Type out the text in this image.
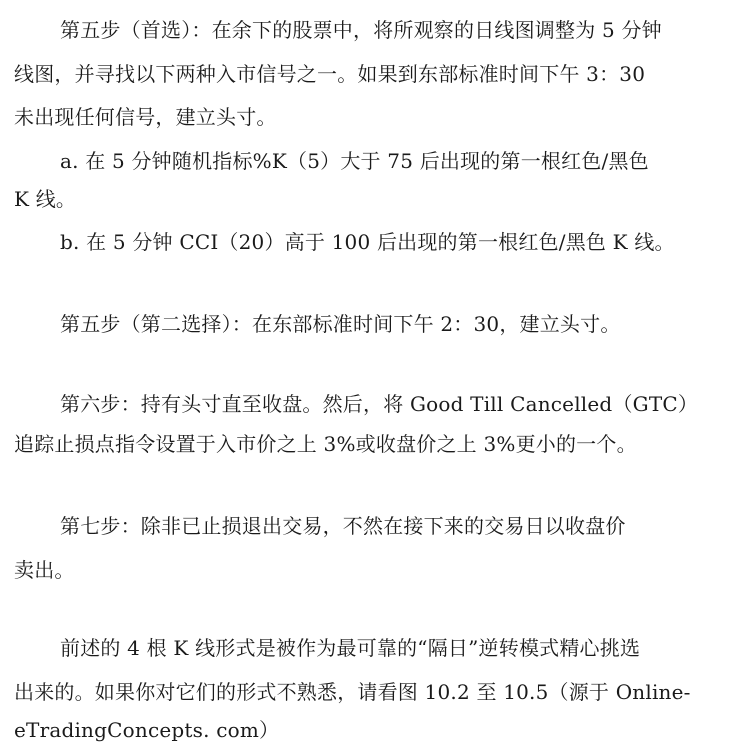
第五步（首选）：在余下的股票中，将所观察的日线图调整为 5 分钟
线图，并寻找以下两种入市信号之一。如果到东部标准时间下午 3：30
未出现任何信号，建立头寸。
a. 在 5 分钟随机指标%K（5）大于 75 后出现的第一根红色/黑色
K 线。
b. 在 5 分钟 CCI（20）高于 100 后出现的第一根红色/黑色 K 线。
第五步（第二选择）：在东部标准时间下午 2：30，建立头寸。
第六步：持有头寸直至收盘。然后，将 Good Till Cancelled（GTC）
追踪止损点指令设置于入市价之上 3%或收盘价之上 3%更小的一个。
第七步：除非已止损退出交易，不然在接下来的交易日以收盘价
卖出。
前述的 4 根 K 线形式是被作为最可靠的“隔日”逆转模式精心挑选
出来的。如果你对它们的形式不熟悉，请看图 10.2 至 10.5（源于 Online-
eTradingConcepts. com）
